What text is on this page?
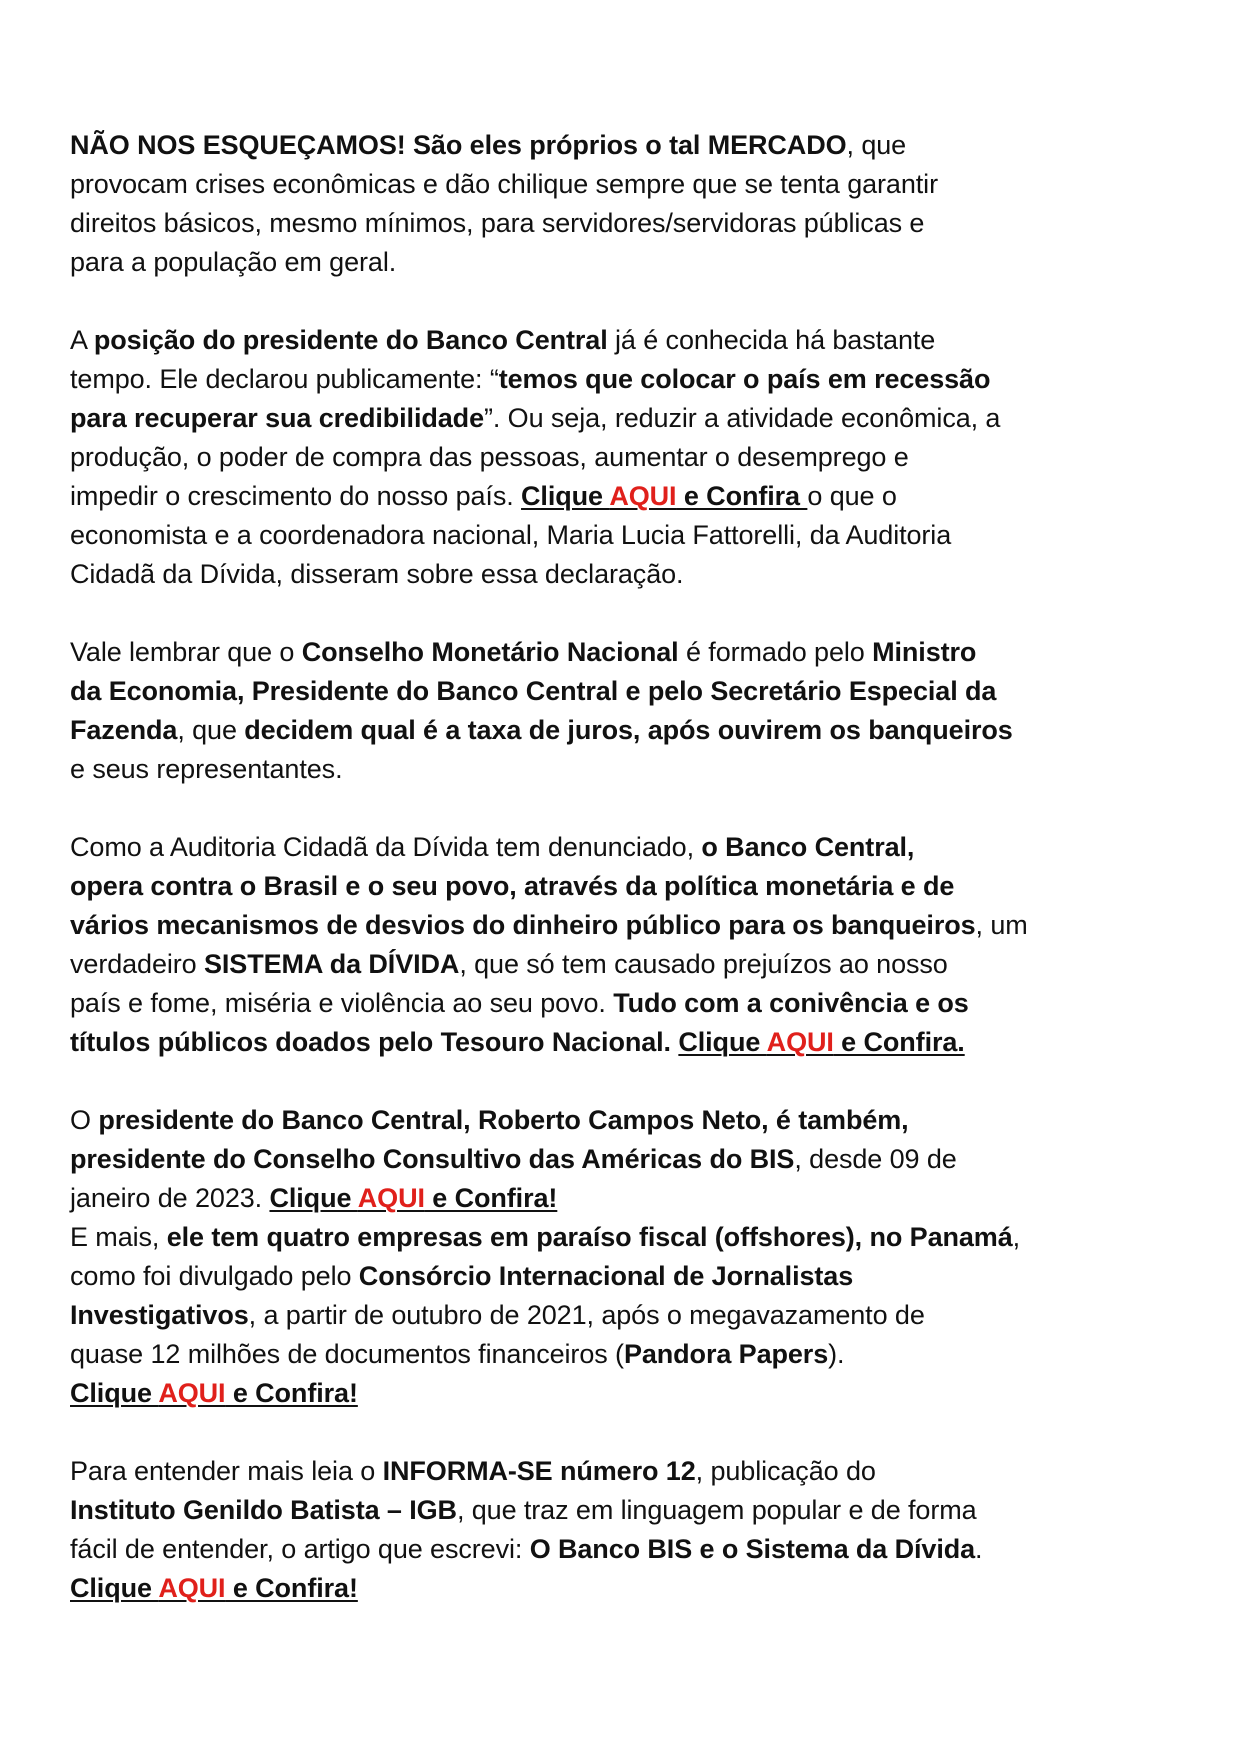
NÃO NOS ESQUEÇAMOS! São eles próprios o tal MERCADO, que
provocam crises econômicas e dão chilique sempre que se tenta garantir
direitos básicos, mesmo mínimos, para servidores/servidoras públicas e
para a população em geral.

A posição do presidente do Banco Central já é conhecida há bastante
tempo. Ele declarou publicamente: “temos que colocar o país em recessão
para recuperar sua credibilidade”. Ou seja, reduzir a atividade econômica, a
produção, o poder de compra das pessoas, aumentar o desemprego e
impedir o crescimento do nosso país. Clique AQUI e Confira o que o
economista e a coordenadora nacional, Maria Lucia Fattorelli, da Auditoria
Cidadã da Dívida, disseram sobre essa declaração.

Vale lembrar que o Conselho Monetário Nacional é formado pelo Ministro
da Economia, Presidente do Banco Central e pelo Secretário Especial da
Fazenda, que decidem qual é a taxa de juros, após ouvirem os banqueiros
e seus representantes.

Como a Auditoria Cidadã da Dívida tem denunciado, o Banco Central,
opera contra o Brasil e o seu povo, através da política monetária e de
vários mecanismos de desvios do dinheiro público para os banqueiros, um
verdadeiro SISTEMA da DÍVIDA, que só tem causado prejuízos ao nosso
país e fome, miséria e violência ao seu povo. Tudo com a conivência e os
títulos públicos doados pelo Tesouro Nacional. Clique AQUI e Confira.

O presidente do Banco Central, Roberto Campos Neto, é também,
presidente do Conselho Consultivo das Américas do BIS, desde 09 de
janeiro de 2023. Clique AQUI e Confira!
E mais, ele tem quatro empresas em paraíso fiscal (offshores), no Panamá,
como foi divulgado pelo Consórcio Internacional de Jornalistas
Investigativos, a partir de outubro de 2021, após o megavazamento de
quase 12 milhões de documentos financeiros (Pandora Papers).
Clique AQUI e Confira!

Para entender mais leia o INFORMA-SE número 12, publicação do
Instituto Genildo Batista – IGB, que traz em linguagem popular e de forma
fácil de entender, o artigo que escrevi: O Banco BIS e o Sistema da Dívida.
Clique AQUI e Confira!
